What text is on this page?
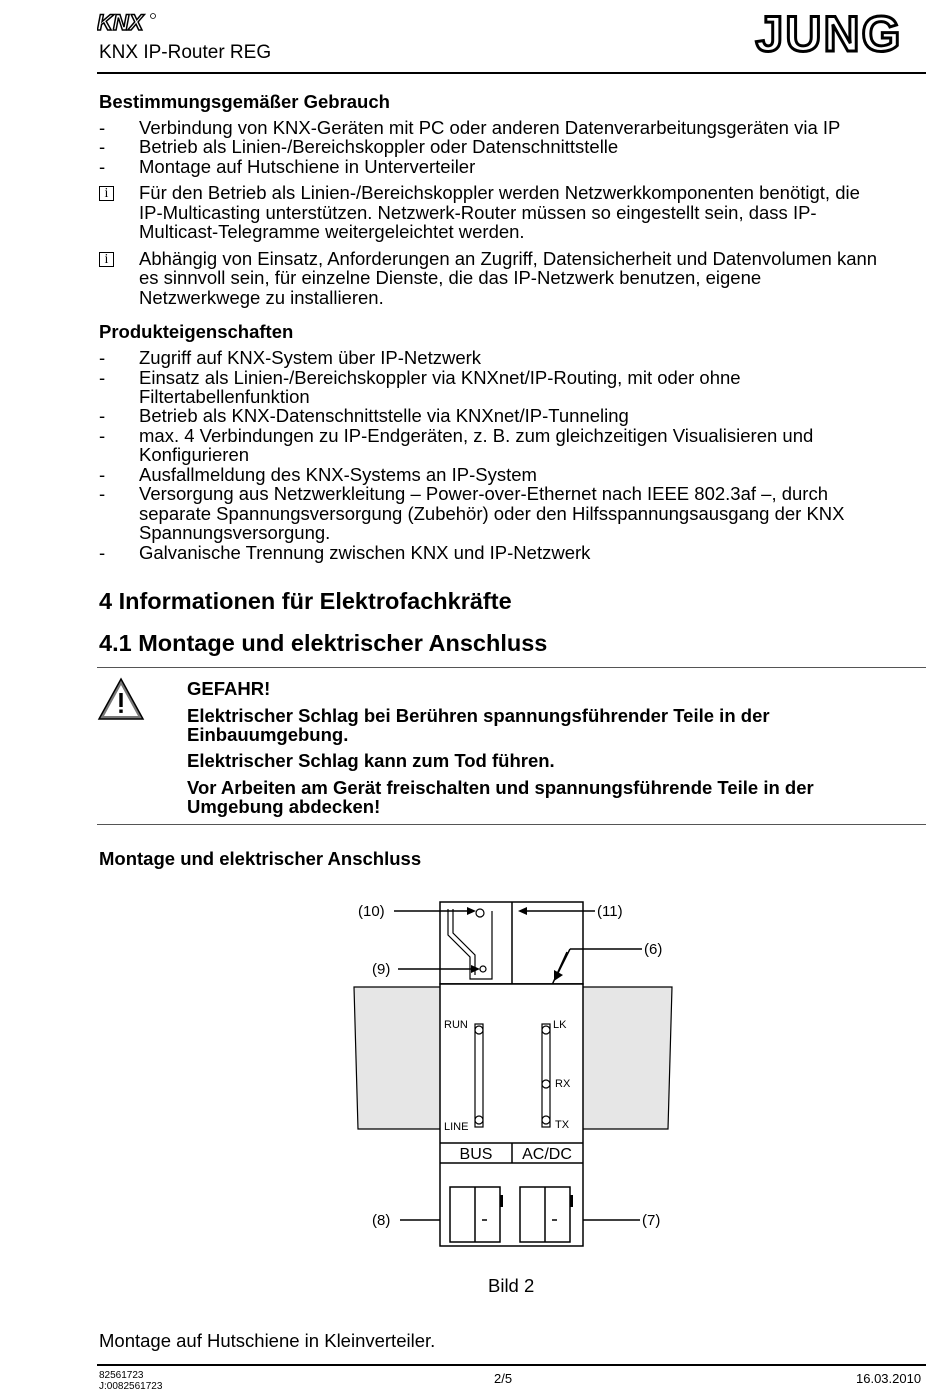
KNX
KNX IP-Router REG	JUNG
Bestimmungsgemäßer Gebrauch
- Verbindung von KNX-Geräten mit PC oder anderen Datenverarbeitungsgeräten via IP
- Betrieb als Linien-/Bereichskoppler oder Datenschnittstelle
- Montage auf Hutschiene in Unterverteiler
i	Für den Betrieb als Linien-/Bereichskoppler werden Netzwerkkomponenten benötigt, die
IP-Multicasting unterstützen. Netzwerk-Router müssen so eingestellt sein, dass IP-
Multicast-Telegramme weitergeleichtet werden.
i	Abhängig von Einsatz, Anforderungen an Zugriff, Datensicherheit und Datenvolumen kann
es sinnvoll sein, für einzelne Dienste, die das IP-Netzwerk benutzen, eigene
Netzwerkwege zu installieren.
Produkteigenschaften
- Zugriff auf KNX-System über IP-Netzwerk
- Einsatz als Linien-/Bereichskoppler via KNXnet/IP-Routing, mit oder ohne
Filtertabellenfunktion
- Betrieb als KNX-Datenschnittstelle via KNXnet/IP-Tunneling
- max. 4 Verbindungen zu IP-Endgeräten, z. B. zum gleichzeitigen Visualisieren und
Konfigurieren
- Ausfallmeldung des KNX-Systems an IP-System
- Versorgung aus Netzwerkleitung – Power-over-Ethernet nach IEEE 802.3af –, durch
separate Spannungsversorgung (Zubehör) oder den Hilfsspannungsausgang der KNX
Spannungsversorgung.
- Galvanische Trennung zwischen KNX und IP-Netzwerk
4 Informationen für Elektrofachkräfte
4.1 Montage und elektrischer Anschluss
GEFAHR!
Elektrischer Schlag bei Berühren spannungsführender Teile in der
Einbauumgebung.
Elektrischer Schlag kann zum Tod führen.
Vor Arbeiten am Gerät freischalten und spannungsführende Teile in der
Umgebung abdecken!
Montage und elektrischer Anschluss
(10)	(11)
(9)
(6)
(8)	(7)
RUN
LINE
LK
RX
TX
BUS AC/DC
Bild 2
Montage auf Hutschiene in Kleinverteiler.
82561723
J:0082561723
2/5	16.03.2010
